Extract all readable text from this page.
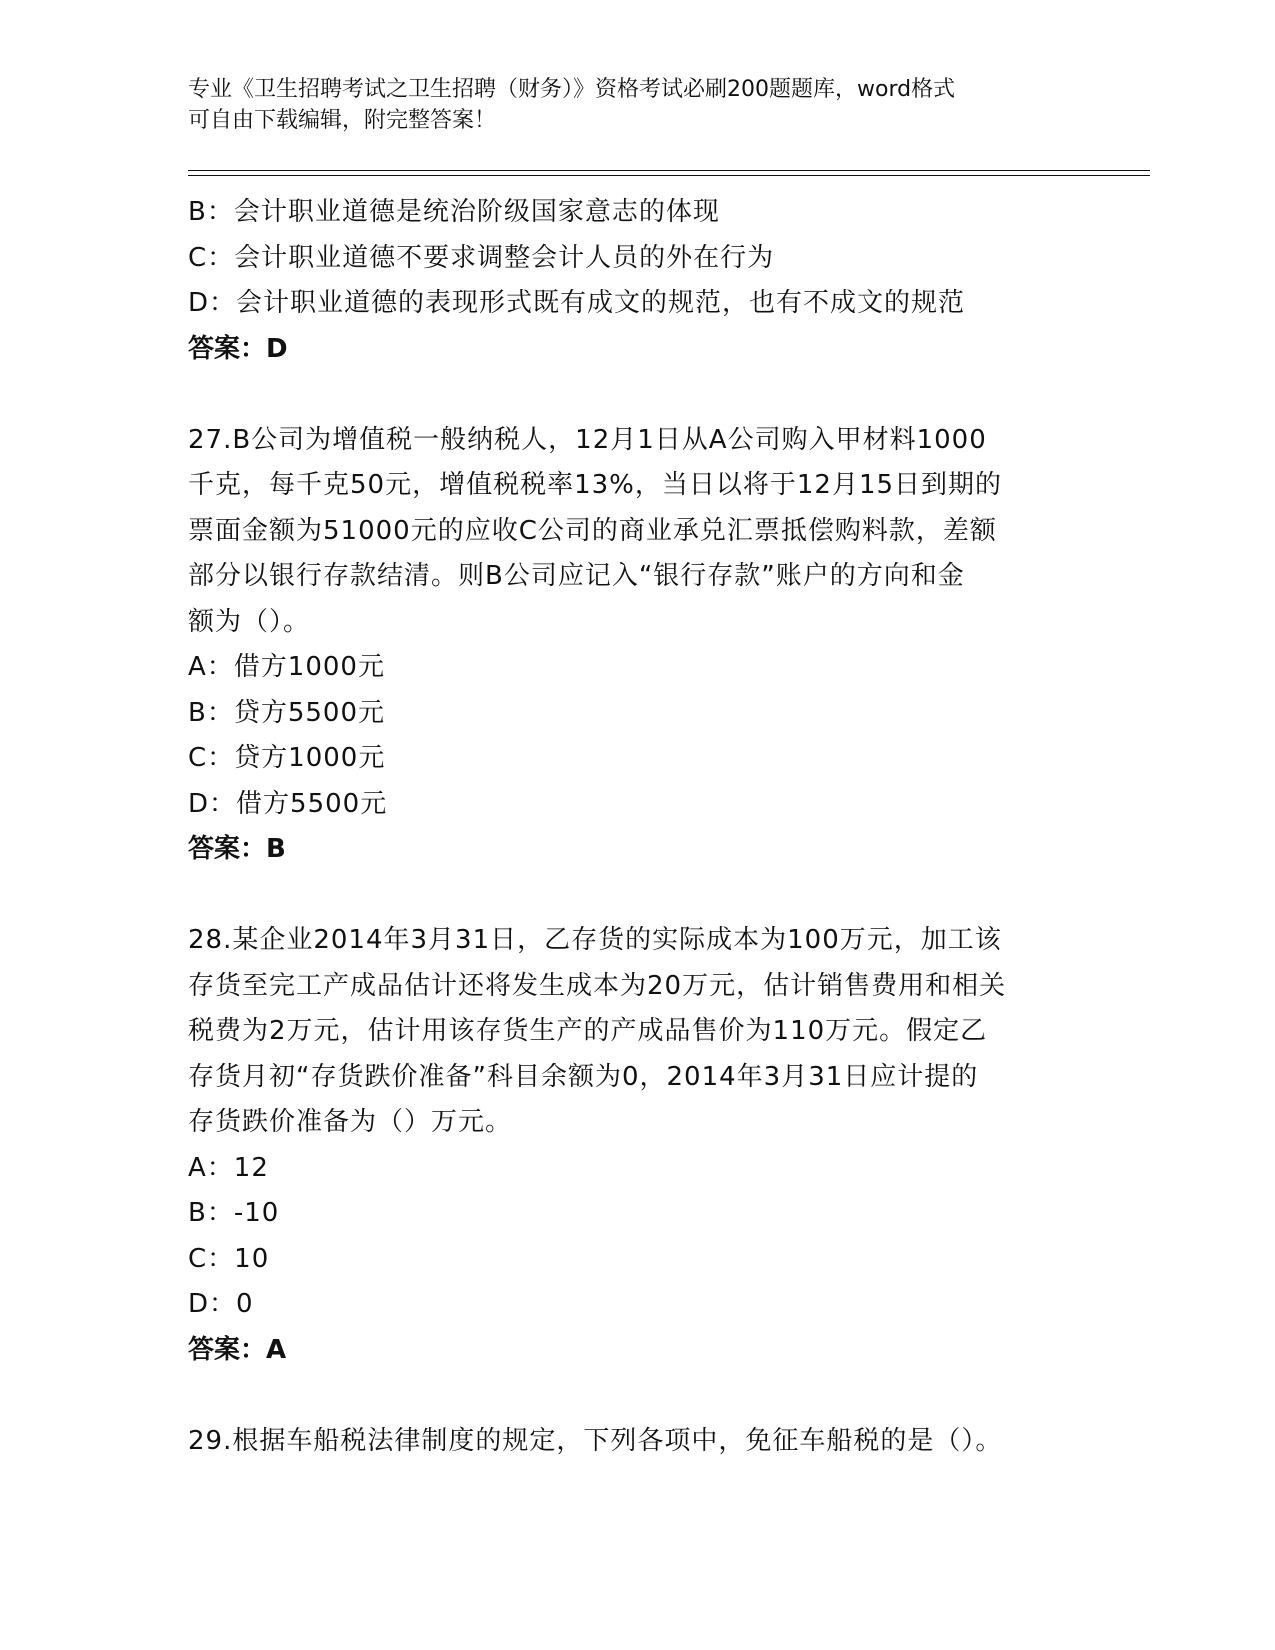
专业《卫生招聘考试之卫生招聘（财务）》资格考试必刷200题题库，word格式
可自由下载编辑，附完整答案！

B：会计职业道德是统治阶级国家意志的体现

C：会计职业道德不要求调整会计人员的外在行为

D：会计职业道德的表现形式既有成文的规范，也有不成文的规范

答案：D

27.B公司为增值税一般纳税人，12月1日从A公司购入甲材料1000

千克，每千克50元，增值税税率13%，当日以将于12月15日到期的

票面金额为51000元的应收C公司的商业承兑汇票抵偿购料款，差额

部分以银行存款结清。则B公司应记入“银行存款”账户的方向和金

额为（）。

A：借方1000元

B：贷方5500元

C：贷方1000元

D：借方5500元

答案：B

28.某企业2014年3月31日，乙存货的实际成本为100万元，加工该

存货至完工产成品估计还将发生成本为20万元，估计销售费用和相关

税费为2万元，估计用该存货生产的产成品售价为110万元。假定乙

存货月初“存货跌价准备”科目余额为0，2014年3月31日应计提的

存货跌价准备为（）万元。

A：12

B：-10

C：10

D：0

答案：A

29.根据车船税法律制度的规定，下列各项中，免征车船税的是（）。
